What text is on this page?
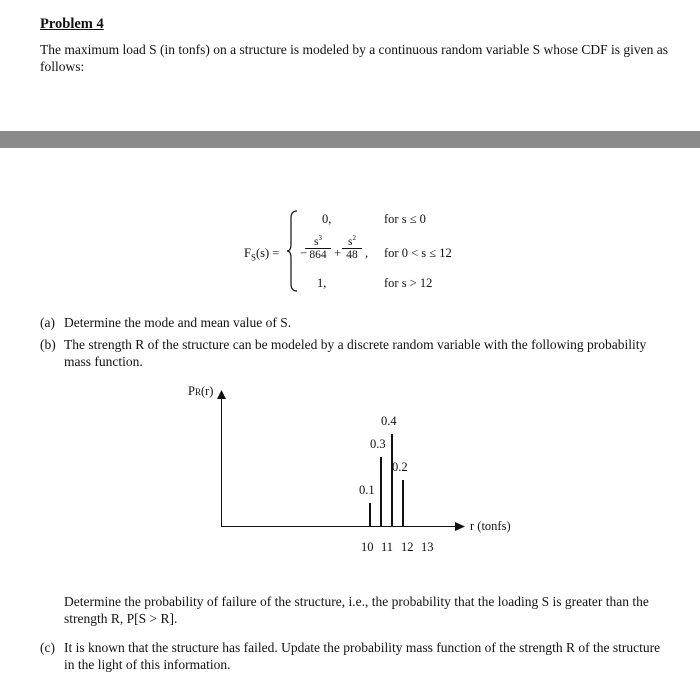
Problem 4
The maximum load S (in tonfs) on a structure is modeled by a continuous random variable S whose CDF is given as follows:
$F_S(s)$ =
0,	for s ≤ 0
−
$\frac{s^3}{864} + \frac{s^2}{48}$ , for 0 < s ≤ 12
1,	for s > 12
(a) Determine the mode and mean value of S.
(b) The strength R of the structure can be modeled by a discrete random variable with the following probability
mass function.
PR(r)
r (tonfs)
0.1
10
0.3
11
0.4
12
0.2
13
Determine the probability of failure of the structure, i.e., the probability that the loading S is greater than the
strength R, P[S > R].
(c) It is known that the structure has failed. Update the probability mass function of the strength R of the structure
in the light of this information.
